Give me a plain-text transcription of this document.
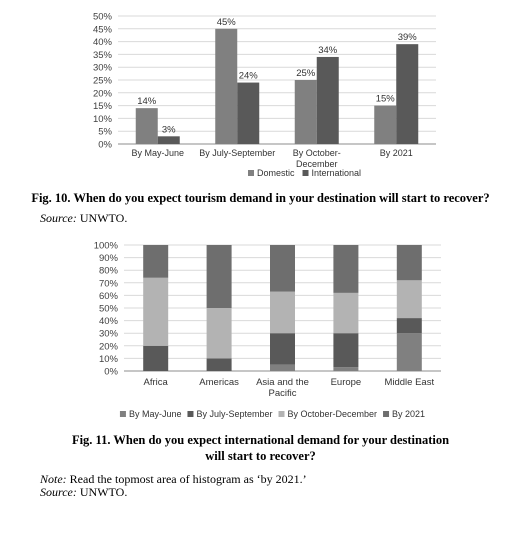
0%
5%
10%
15%
20%
25%
30%
35%
40%
45%
50%
14%
3%
By May-June
45%
24%
By July-September
25%
34%
By October-
December
15%
39%
By 2021
Domestic International
Fig. 10. When do you expect tourism demand in your destination will start to recover?
Source: UNWTO.
0%
10%
20%
30%
40%
50%
60%
70%
80%
90%
100%
Africa	Americas Asia and the
Pacific
Europe Middle East
By May-June By July-September By October-December By 2021
Fig. 11. When do you expect international demand for your destination
will start to recover?
Note: Read the topmost area of histogram as ‘by 2021.’
Source: UNWTO.
